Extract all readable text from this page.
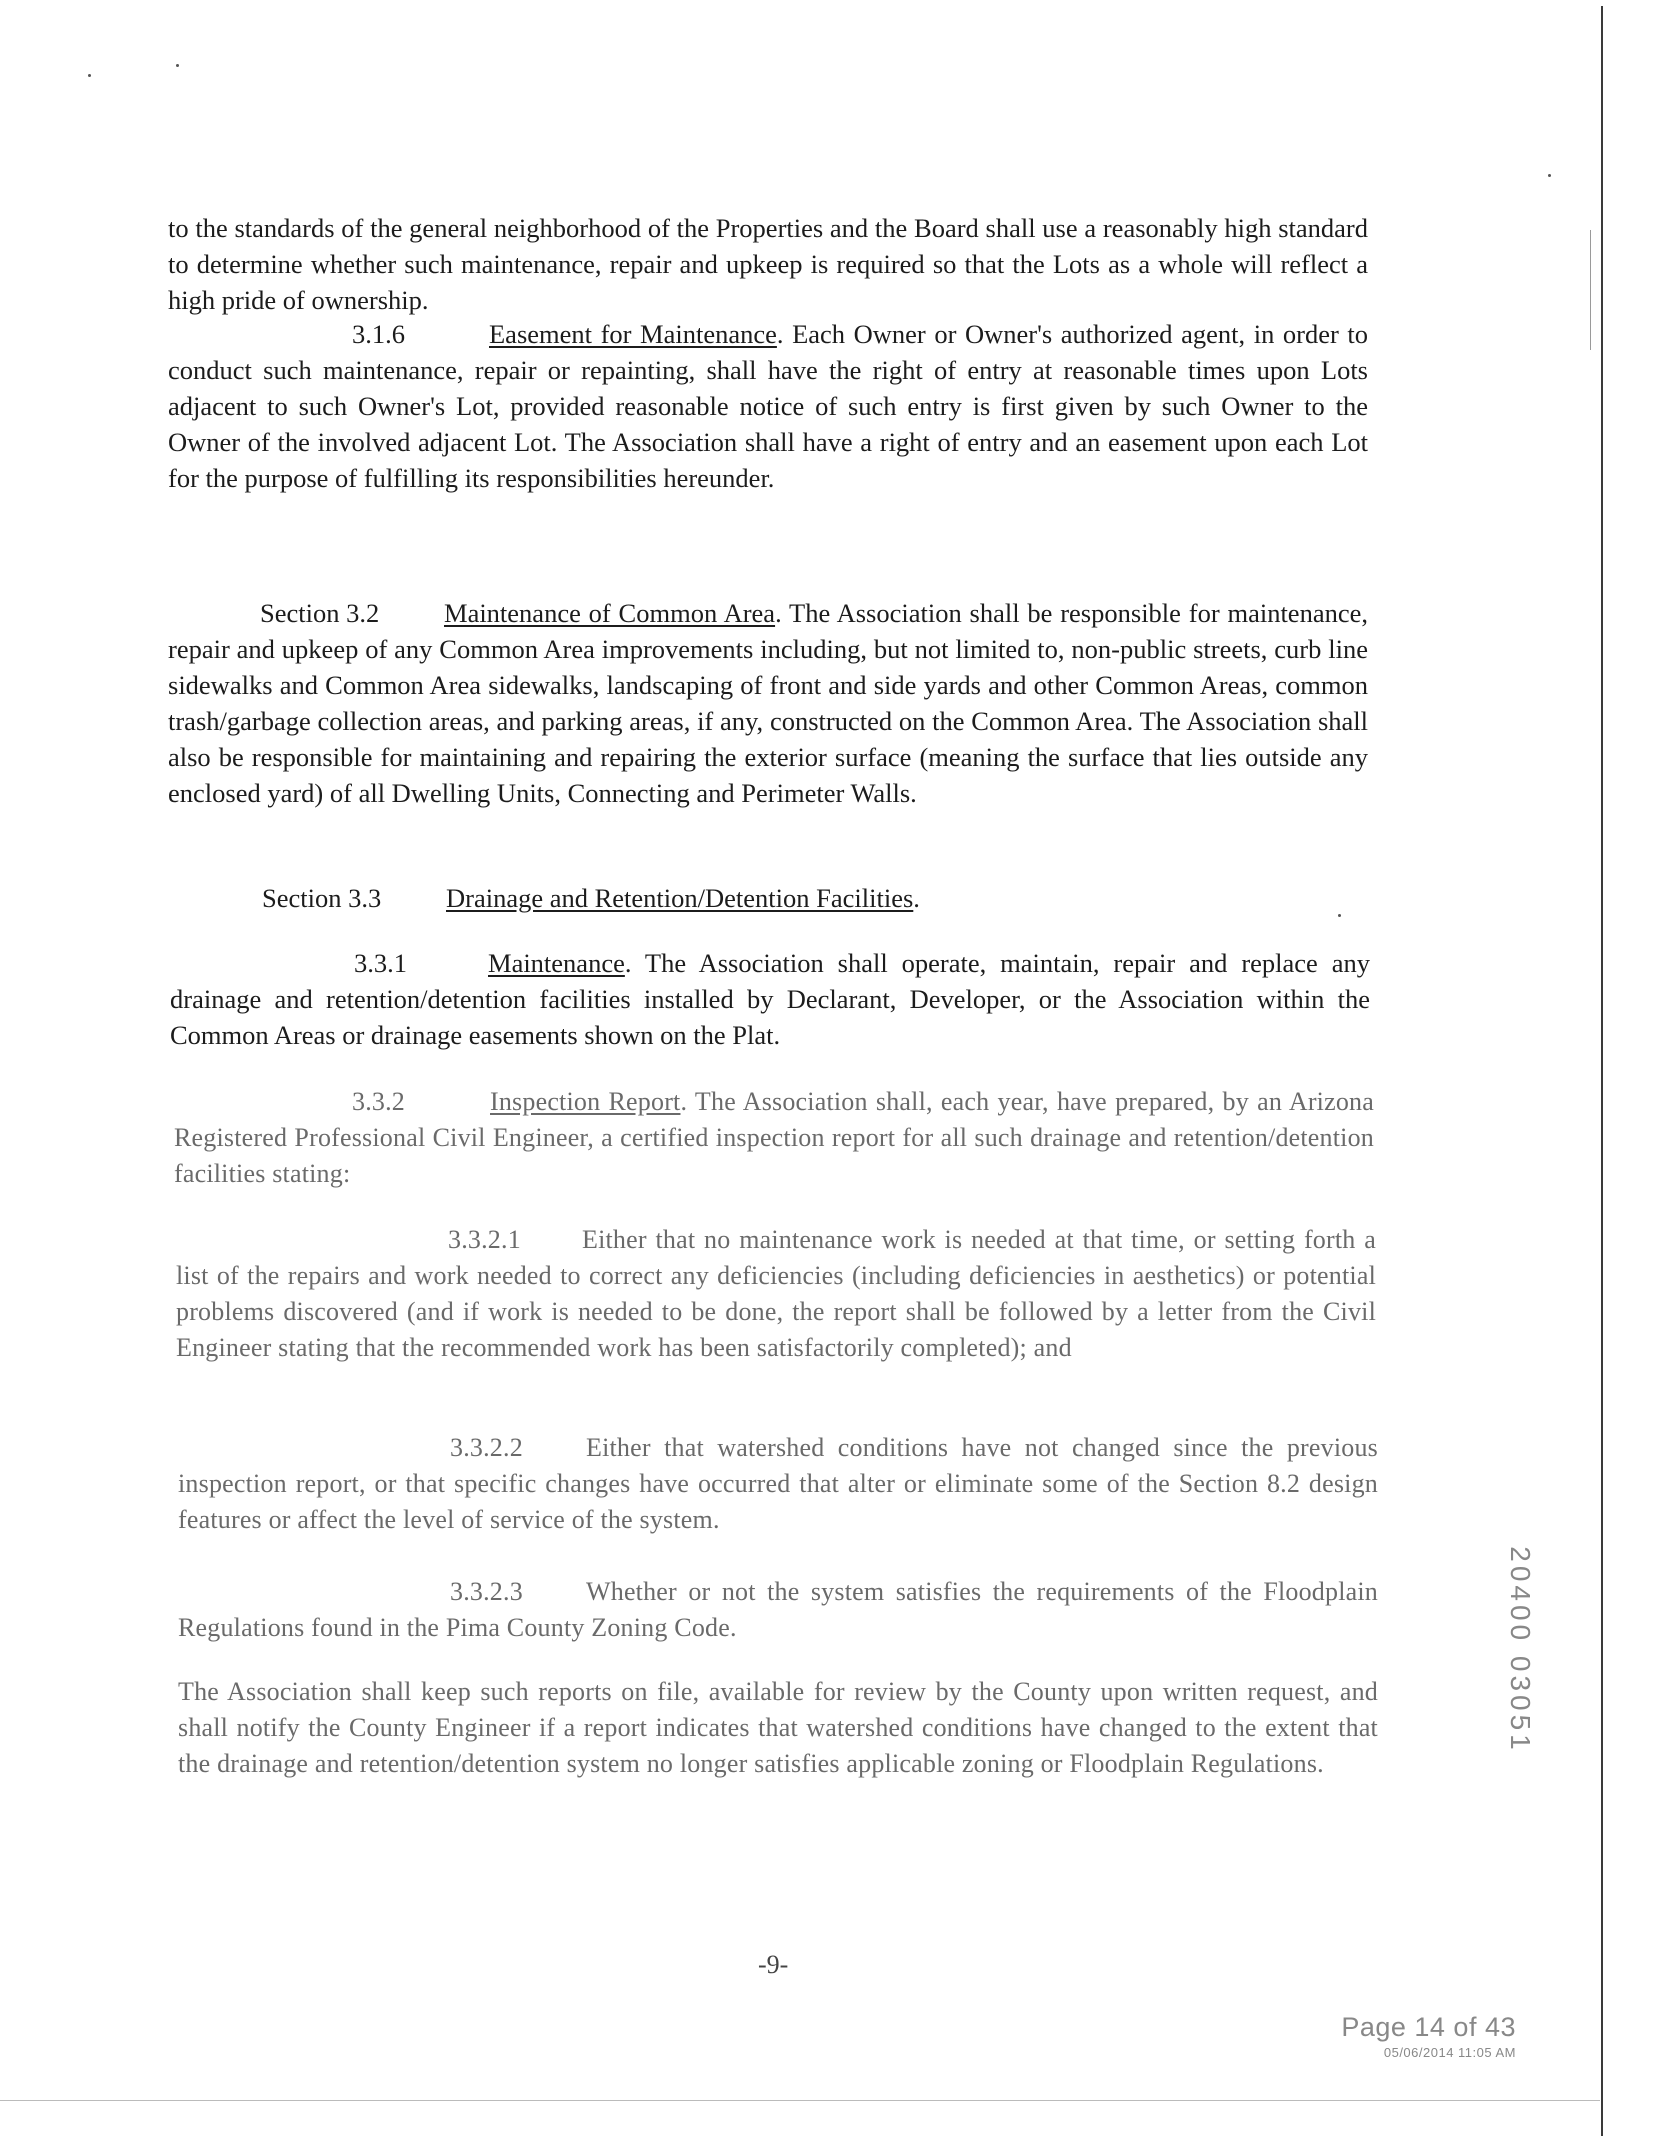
to the standards of the general neighborhood of the Properties and the Board shall use a reasonably high standard to determine whether such maintenance, repair and upkeep is required so that the Lots as a whole will reflect a high pride of ownership.
3.1.6	Easement for Maintenance. Each Owner or Owner's authorized agent, in order to conduct such maintenance, repair or repainting, shall have the right of entry at reasonable times upon Lots adjacent to such Owner's Lot, provided reasonable notice of such entry is first given by such Owner to the Owner of the involved adjacent Lot. The Association shall have a right of entry and an easement upon each Lot for the purpose of fulfilling its responsibilities hereunder.
Section 3.2 Maintenance of Common Area. The Association shall be responsible for maintenance, repair and upkeep of any Common Area improvements including, but not limited to, non-public streets, curb line sidewalks and Common Area sidewalks, landscaping of front and side yards and other Common Areas, common trash/garbage collection areas, and parking areas, if any, constructed on the Common Area. The Association shall also be responsible for maintaining and repairing the exterior surface (meaning the surface that lies outside any enclosed yard) of all Dwelling Units, Connecting and Perimeter Walls.
Section 3.3 Drainage and Retention/Detention Facilities.
3.3.1	Maintenance. The Association shall operate, maintain, repair and replace any drainage and retention/detention facilities installed by Declarant, Developer, or the Association within the Common Areas or drainage easements shown on the Plat.
3.3.2	Inspection Report. The Association shall, each year, have prepared, by an Arizona Registered Professional Civil Engineer, a certified inspection report for all such drainage and retention/detention facilities stating:
3.3.2.1 Either that no maintenance work is needed at that time, or setting forth a list of the repairs and work needed to correct any deficiencies (including deficiencies in aesthetics) or potential problems discovered (and if work is needed to be done, the report shall be followed by a letter from the Civil Engineer stating that the recommended work has been satisfactorily completed); and
3.3.2.2 Either that watershed conditions have not changed since the previous inspection report, or that specific changes have occurred that alter or eliminate some of the Section 8.2 design features or affect the level of service of the system.
3.3.2.3 Whether or not the system satisfies the requirements of the Floodplain Regulations found in the Pima County Zoning Code.
The Association shall keep such reports on file, available for review by the County upon written request, and shall notify the County Engineer if a report indicates that watershed conditions have changed to the extent that the drainage and retention/detention system no longer satisfies applicable zoning or Floodplain Regulations.
-9-
Page 14 of 43
05/06/2014 11:05 AM
20400 03051
